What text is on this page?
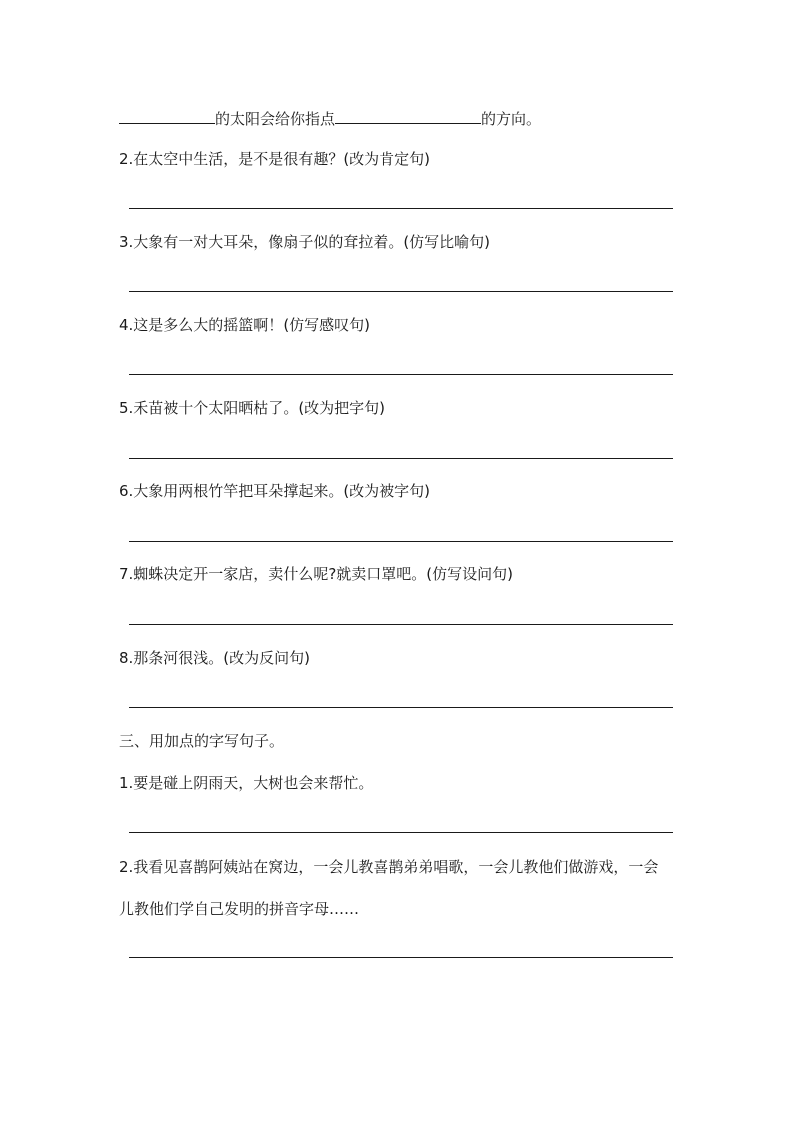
的太阳会给你指点	的方向。
2.在太空中生活，是不是很有趣？(改为肯定句)
3.大象有一对大耳朵，像扇子似的耷拉着。(仿写比喻句)
4.这是多么大的摇篮啊！(仿写感叹句)
5.禾苗被十个太阳晒枯了。(改为把字句)
6.大象用两根竹竿把耳朵撑起来。(改为被字句)
7.蜘蛛决定开一家店，卖什么呢?就卖口罩吧。(仿写设问句)
8.那条河很浅。(改为反问句)
三、用加点的字写句子。
1.要是碰上阴雨天，大树也会来帮忙。
2.我看见喜鹊阿姨站在窝边，一会儿教喜鹊弟弟唱歌，一会儿教他们做游戏，一会
儿教他们学自己发明的拼音字母……
